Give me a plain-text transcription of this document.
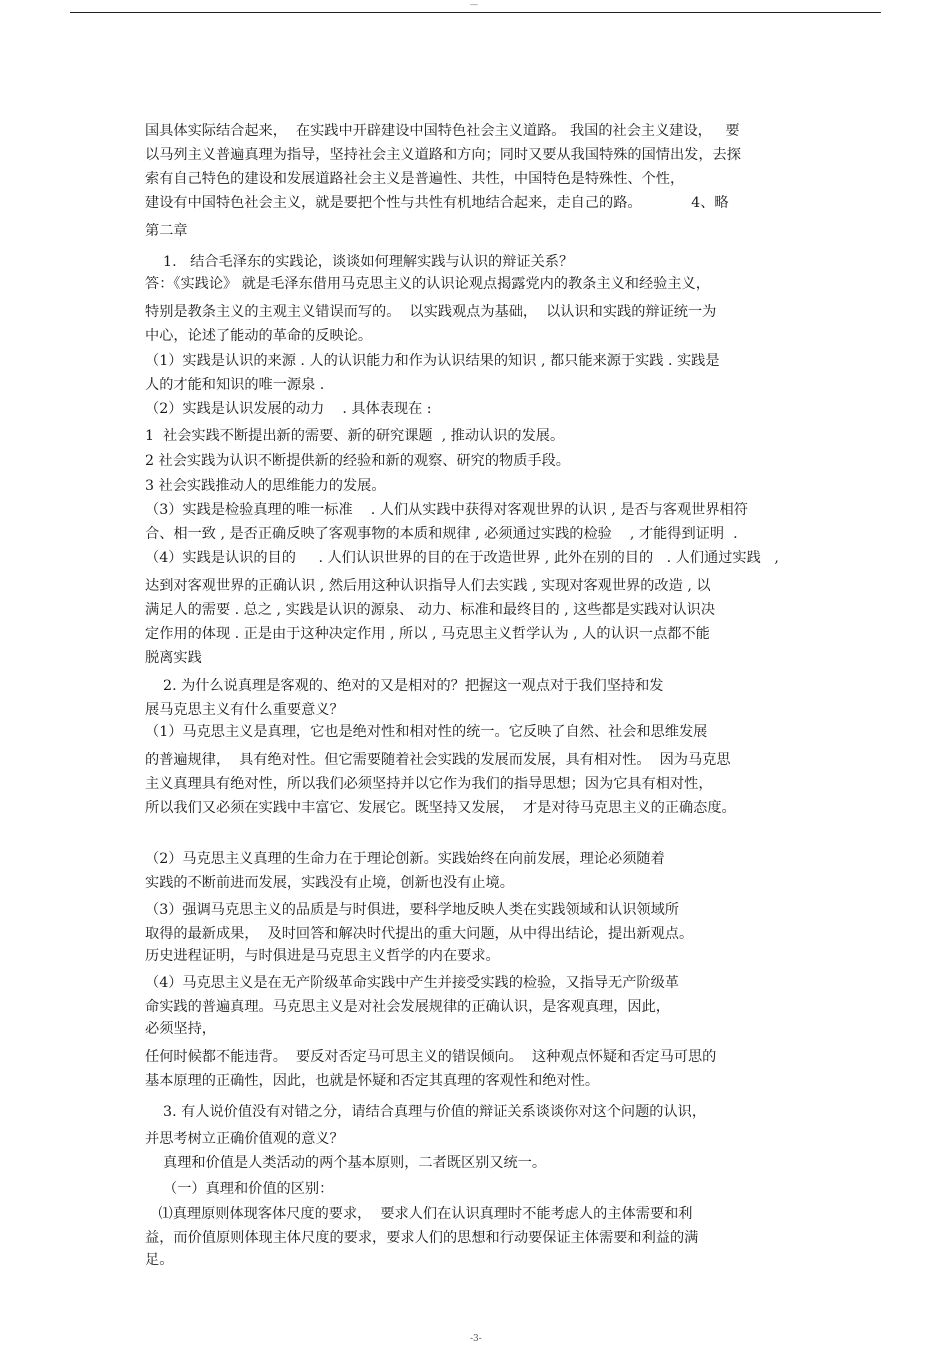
—
国具体实际结合起来，  在实践中开辟建设中国特色社会主义道路。 我国的社会主义建设，   要
以马列主义普遍真理为指导，坚持社会主义道路和方向；同时又要从我国特殊的国情出发，去探
索有自己特色的建设和发展道路社会主义是普遍性、共性，中国特色是特殊性、个性，
建设有中国特色社会主义，就是要把个性与共性有机地结合起来，走自己的路。           4、略
第二章
1.   结合毛泽东的实践论，谈谈如何理解实践与认识的辩证关系？
答：《实践论》 就是毛泽东借用马克思主义的认识论观点揭露党内的教条主义和经验主义，
特别是教条主义的主观主义错误而写的。  以实践观点为基础，  以认识和实践的辩证统一为
中心，论述了能动的革命的反映论。
（1）实践是认识的来源 . 人的认识能力和作为认识结果的知识 , 都只能来源于实践 . 实践是
人的才能和知识的唯一源泉 .
（2）实践是认识发展的动力    . 具体表现在 :
1  社会实践不断提出新的需要、新的研究课题  , 推动认识的发展。
2 社会实践为认识不断提供新的经验和新的观察、研究的物质手段。
3 社会实践推动人的思维能力的发展。
（3）实践是检验真理的唯一标准    . 人们从实践中获得对客观世界的认识 , 是否与客观世界相符
合、相一致 , 是否正确反映了客观事物的本质和规律 , 必须通过实践的检验    , 才能得到证明  .
（4）实践是认识的目的     . 人们认识世界的目的在于改造世界 , 此外在别的目的   . 人们通过实践   ,
达到对客观世界的正确认识 , 然后用这种认识指导人们去实践 , 实现对客观世界的改造 , 以
满足人的需要 . 总之 , 实践是认识的源泉、 动力、标准和最终目的 , 这些都是实践对认识决
定作用的体现 . 正是由于这种决定作用 , 所以 , 马克思主义哲学认为 , 人的认识一点都不能
脱离实践
2. 为什么说真理是客观的、绝对的又是相对的？把握这一观点对于我们坚持和发
展马克思主义有什么重要意义？
（1）马克思主义是真理，它也是绝对性和相对性的统一。它反映了自然、社会和思维发展
的普遍规律，  具有绝对性。但它需要随着社会实践的发展而发展，具有相对性。  因为马克思
主义真理具有绝对性，所以我们必须坚持并以它作为我们的指导思想；因为它具有相对性，
所以我们又必须在实践中丰富它、发展它。既坚持又发展，  才是对待马克思主义的正确态度。
（2）马克思主义真理的生命力在于理论创新。实践始终在向前发展，理论必须随着
实践的不断前进而发展，实践没有止境，创新也没有止境。
（3）强调马克思主义的品质是与时俱进，要科学地反映人类在实践领域和认识领域所
取得的最新成果，  及时回答和解决时代提出的重大问题，从中得出结论，提出新观点。
历史进程证明，与时俱进是马克思主义哲学的内在要求。
（4）马克思主义是在无产阶级革命实践中产生并接受实践的检验，又指导无产阶级革
命实践的普遍真理。马克思主义是对社会发展规律的正确认识，是客观真理，因此，
必须坚持，
任何时候都不能违背。  要反对否定马可思主义的错误倾向。  这种观点怀疑和否定马可思的
基本原理的正确性，因此，也就是怀疑和否定其真理的客观性和绝对性。
3. 有人说价值没有对错之分，请结合真理与价值的辩证关系谈谈你对这个问题的认识，
并思考树立正确价值观的意义？
真理和价值是人类活动的两个基本原则，二者既区别又统一。
（一）真理和价值的区别：
⑴真理原则体现客体尺度的要求，  要求人们在认识真理时不能考虑人的主体需要和利
益，而价值原则体现主体尺度的要求，要求人们的思想和行动要保证主体需要和利益的满
足。
-3-
